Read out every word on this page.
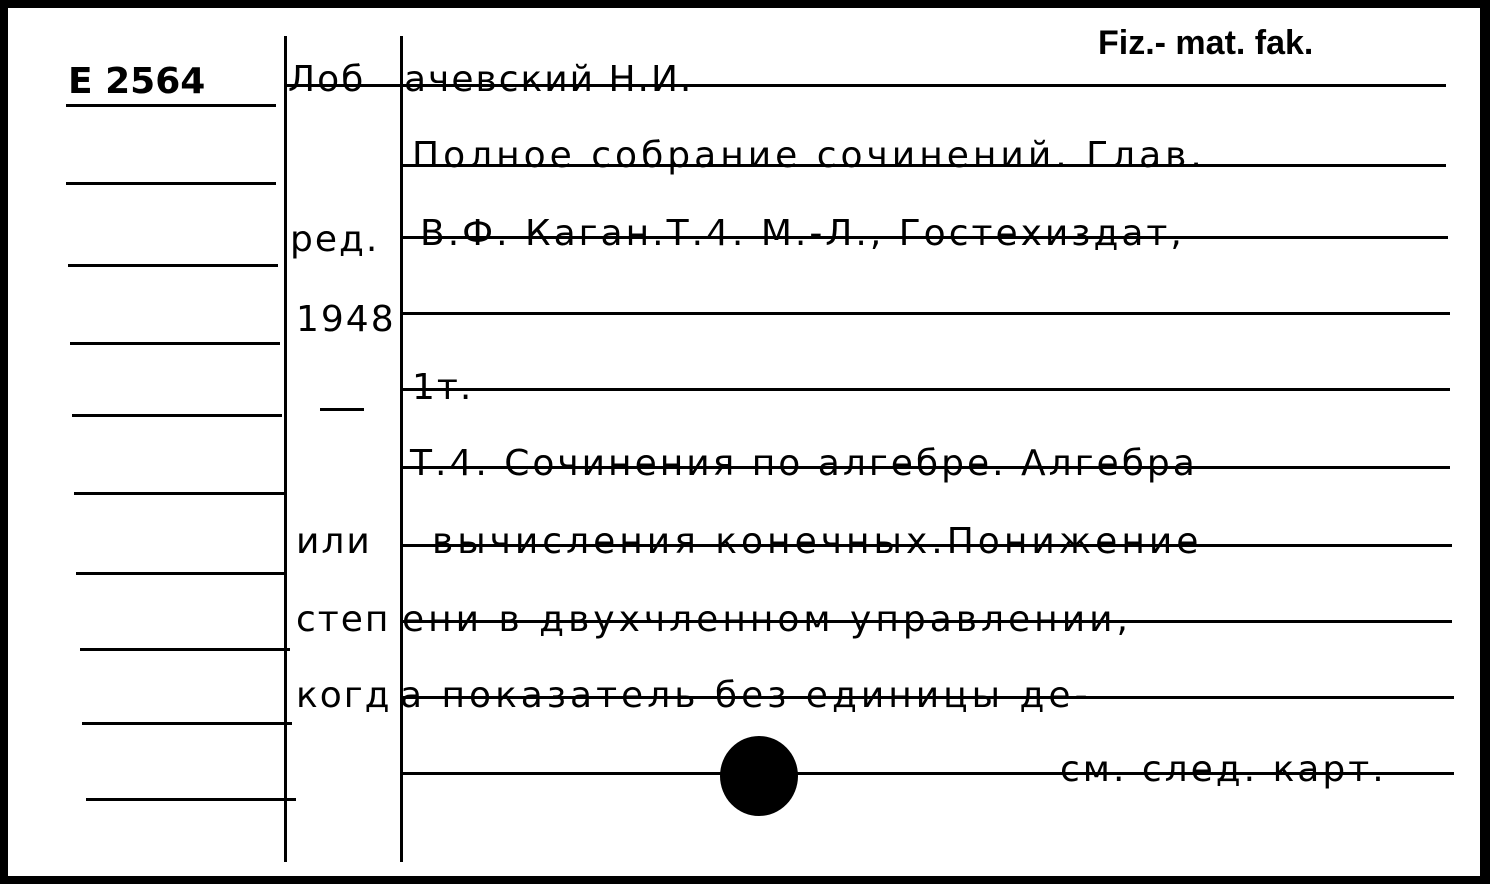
E 2564
Fiz.- mat. fak.
Лоб ачевский Н.И.
Полное собрание сочинений. Глав.
ред. В.Ф. Каган.Т.4. М.-Л., Гостехиздат,
1948
1т.
Т.4. Сочинения по алгебре. Алгебра
или вычисления конечных.Понижение
степ ени в двухчленном управлении,
когд а показатель без единицы де-
см. след. карт.
